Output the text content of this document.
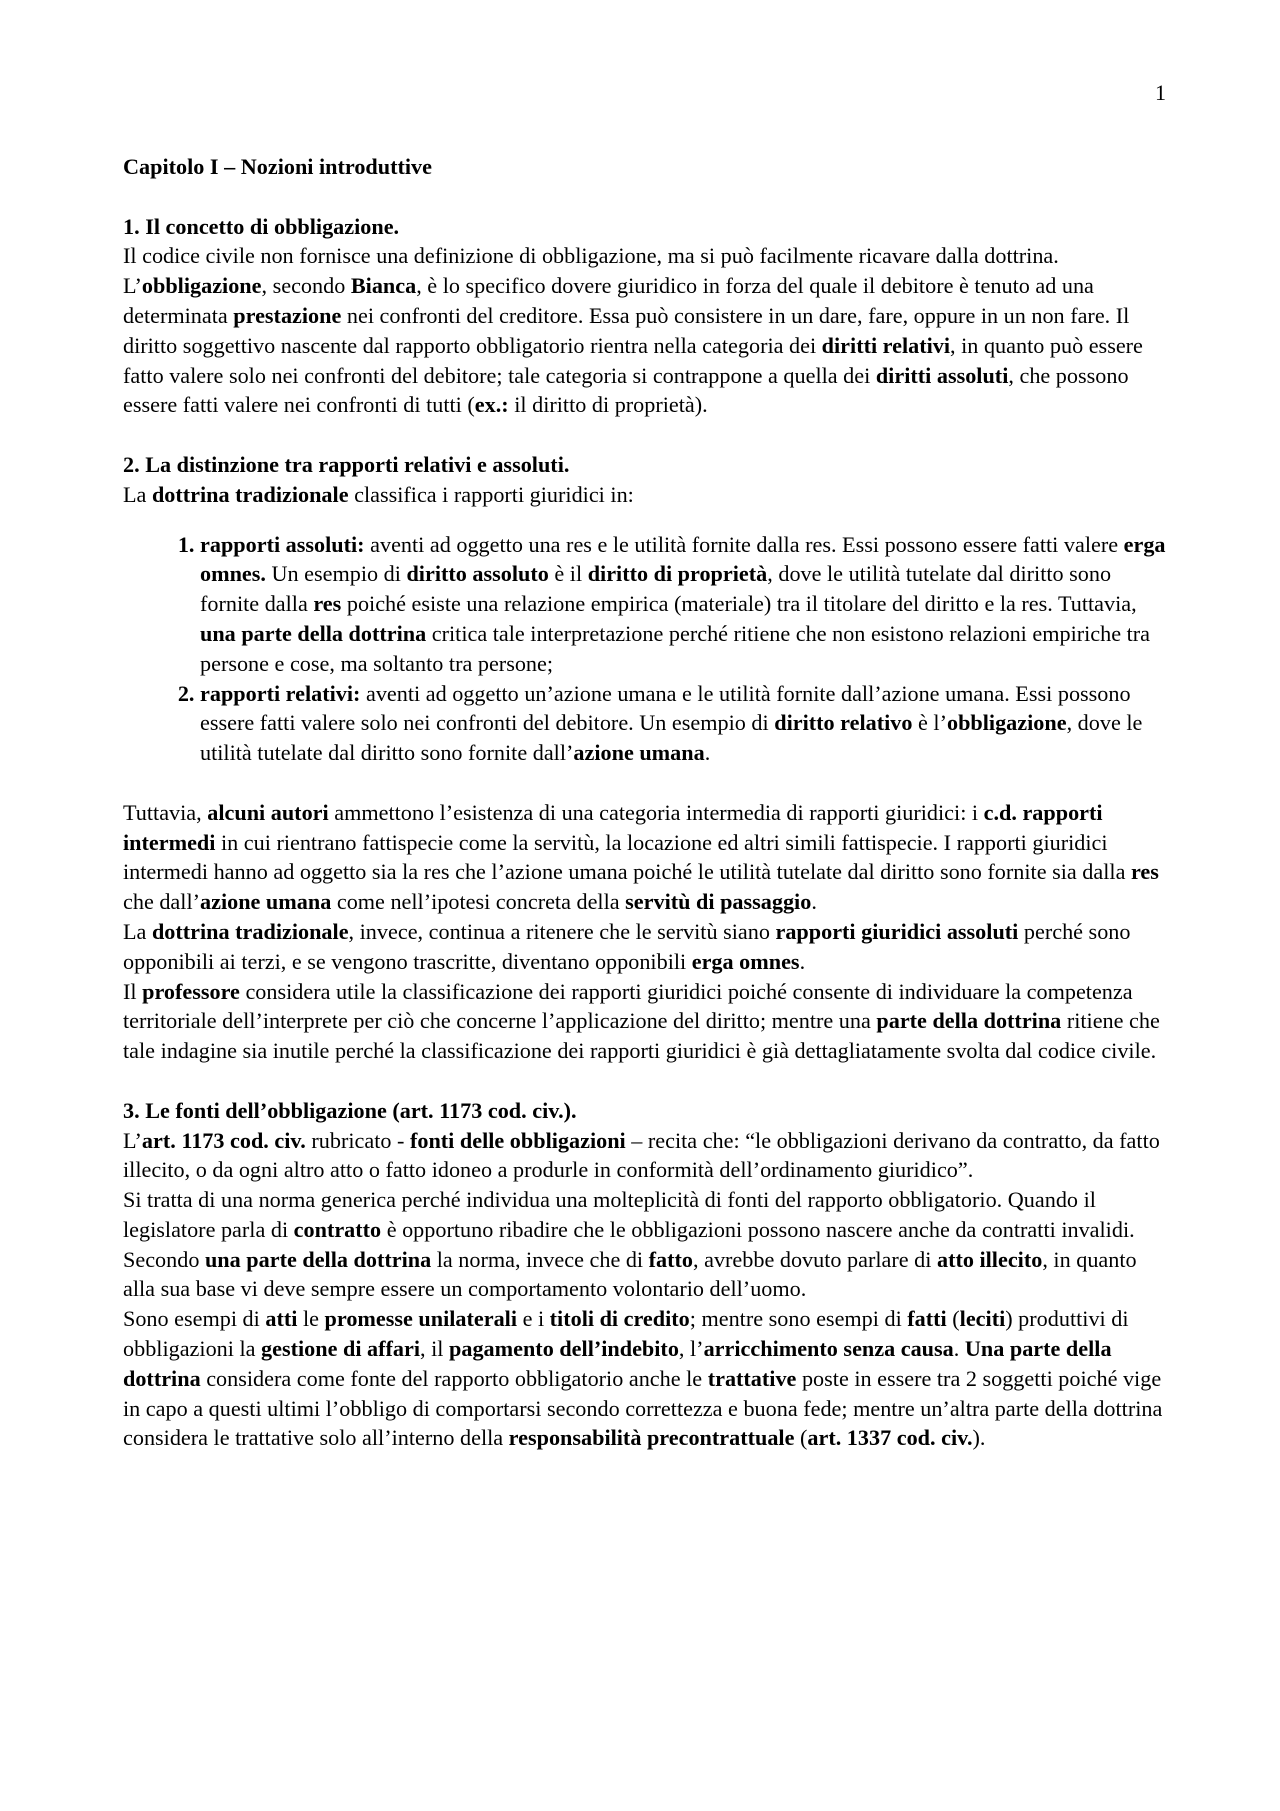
1

Capitolo I – Nozioni introduttive

1. Il concetto di obbligazione.

Il codice civile non fornisce una definizione di obbligazione, ma si può facilmente ricavare dalla dottrina. L’obbligazione, secondo Bianca, è lo specifico dovere giuridico in forza del quale il debitore è tenuto ad una determinata prestazione nei confronti del creditore. Essa può consistere in un dare, fare, oppure in un non fare. Il diritto soggettivo nascente dal rapporto obbligatorio rientra nella categoria dei diritti relativi, in quanto può essere fatto valere solo nei confronti del debitore; tale categoria si contrappone a quella dei diritti assoluti, che possono essere fatti valere nei confronti di tutti (ex.: il diritto di proprietà).

2. La distinzione tra rapporti relativi e assoluti.

La dottrina tradizionale classifica i rapporti giuridici in:

1. rapporti assoluti: aventi ad oggetto una res e le utilità fornite dalla res. Essi possono essere fatti valere erga omnes. Un esempio di diritto assoluto è il diritto di proprietà, dove le utilità tutelate dal diritto sono fornite dalla res poiché esiste una relazione empirica (materiale) tra il titolare del diritto e la res. Tuttavia, una parte della dottrina critica tale interpretazione perché ritiene che non esistono relazioni empiriche tra persone e cose, ma soltanto tra persone;
2. rapporti relativi: aventi ad oggetto un’azione umana e le utilità fornite dall’azione umana. Essi possono essere fatti valere solo nei confronti del debitore. Un esempio di diritto relativo è l’obbligazione, dove le utilità tutelate dal diritto sono fornite dall’azione umana.

Tuttavia, alcuni autori ammettono l’esistenza di una categoria intermedia di rapporti giuridici: i c.d. rapporti intermedi in cui rientrano fattispecie come la servitù, la locazione ed altri simili fattispecie. I rapporti giuridici intermedi hanno ad oggetto sia la res che l’azione umana poiché le utilità tutelate dal diritto sono fornite sia dalla res che dall’azione umana come nell’ipotesi concreta della servitù di passaggio.

La dottrina tradizionale, invece, continua a ritenere che le servitù siano rapporti giuridici assoluti perché sono opponibili ai terzi, e se vengono trascritte, diventano opponibili erga omnes.

Il professore considera utile la classificazione dei rapporti giuridici poiché consente di individuare la competenza territoriale dell’interprete per ciò che concerne l’applicazione del diritto; mentre una parte della dottrina ritiene che tale indagine sia inutile perché la classificazione dei rapporti giuridici è già dettagliatamente svolta dal codice civile.

3. Le fonti dell’obbligazione (art. 1173 cod. civ.).

L’art. 1173 cod. civ. rubricato - fonti delle obbligazioni – recita che: “le obbligazioni derivano da contratto, da fatto illecito, o da ogni altro atto o fatto idoneo a produrle in conformità dell’ordinamento giuridico”.

Si tratta di una norma generica perché individua una molteplicità di fonti del rapporto obbligatorio. Quando il legislatore parla di contratto è opportuno ribadire che le obbligazioni possono nascere anche da contratti invalidi.

Secondo una parte della dottrina la norma, invece che di fatto, avrebbe dovuto parlare di atto illecito, in quanto alla sua base vi deve sempre essere un comportamento volontario dell’uomo.

Sono esempi di atti le promesse unilaterali e i titoli di credito; mentre sono esempi di fatti (leciti) produttivi di obbligazioni la gestione di affari, il pagamento dell’indebito, l’arricchimento senza causa. Una parte della dottrina considera come fonte del rapporto obbligatorio anche le trattative poste in essere tra 2 soggetti poiché vige in capo a questi ultimi l’obbligo di comportarsi secondo correttezza e buona fede; mentre un’altra parte della dottrina considera le trattative solo all’interno della responsabilità precontrattuale (art. 1337 cod. civ.).
